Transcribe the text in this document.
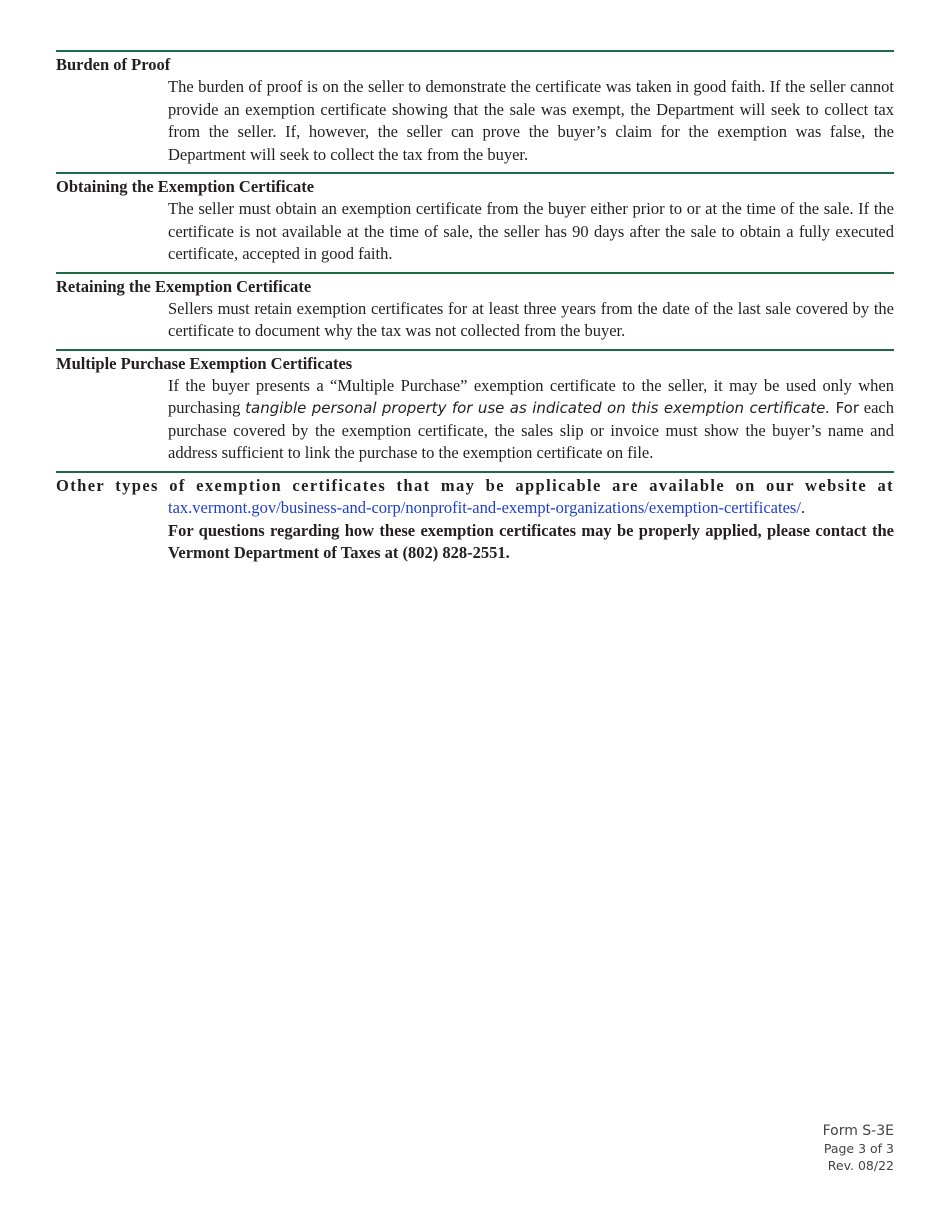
Burden of Proof

The burden of proof is on the seller to demonstrate the certificate was taken in good faith. If the seller cannot provide an exemption certificate showing that the sale was exempt, the Department will seek to collect tax from the seller. If, however, the seller can prove the buyer’s claim for the exemption was false, the Department will seek to collect the tax from the buyer.

Obtaining the Exemption Certificate

The seller must obtain an exemption certificate from the buyer either prior to or at the time of the sale. If the certificate is not available at the time of sale, the seller has 90 days after the sale to obtain a fully executed certificate, accepted in good faith.

Retaining the Exemption Certificate

Sellers must retain exemption certificates for at least three years from the date of the last sale covered by the certificate to document why the tax was not collected from the buyer.

Multiple Purchase Exemption Certificates

If the buyer presents a “Multiple Purchase” exemption certificate to the seller, it may be used only when purchasing tangible personal property for use as indicated on this exemption certificate. For each purchase covered by the exemption certificate, the sales slip or invoice must show the buyer’s name and address sufficient to link the purchase to the exemption certificate on file.

Other types of exemption certificates that may be applicable are available on our website at

tax.vermont.gov/business-and-corp/nonprofit-and-exempt-organizations/exemption-certificates/.
For questions regarding how these exemption certificates may be properly applied, please contact the Vermont Department of Taxes at (802) 828-2551.

Form S-3E
Page 3 of 3
Rev. 08/22
